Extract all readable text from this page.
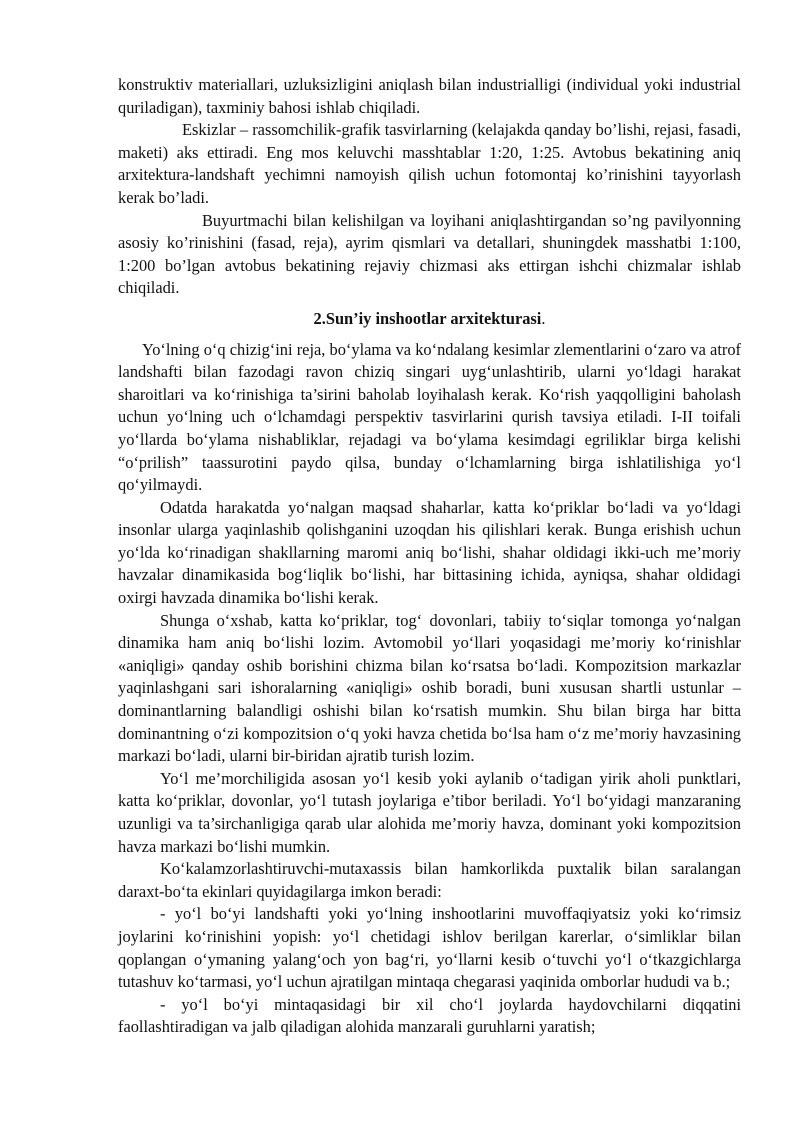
konstruktiv materiallari, uzluksizligini aniqlash bilan industrialligi (individual yoki industrial quriladigan), taxminiy bahosi ishlab chiqiladi.

Eskizlar – rassomchilik-grafik tasvirlarning (kelajakda qanday bo’lishi, rejasi, fasadi, maketi) aks ettiradi. Eng mos keluvchi masshtablar 1:20, 1:25. Avtobus bekatining aniq arxitektura-landshaft yechimni namoyish qilish uchun fotomontaj ko’rinishini tayyorlash kerak bo’ladi.

Buyurtmachi bilan kelishilgan va loyihani aniqlashtirgandan so’ng pavilyonning asosiy ko’rinishini (fasad, reja), ayrim qismlari va detallari, shuningdek masshatbi 1:100, 1:200 bo’lgan avtobus bekatining rejaviy chizmasi aks ettirgan ishchi chizmalar ishlab chiqiladi.

2.Sun’iy inshootlar arxitekturasi.

Yo‘lning o‘q chizig‘ini reja, bo‘ylama va ko‘ndalang kesimlar zlementlarini o‘zaro va atrof landshafti bilan fazodagi ravon chiziq singari uyg‘unlashtirib, ularni yo‘ldagi harakat sharoitlari va ko‘rinishiga ta’sirini baholab loyihalash kerak. Ko‘rish yaqqolligini baholash uchun yo‘lning uch o‘lchamdagi perspektiv tasvirlarini qurish tavsiya etiladi. I-II toifali yo‘llarda bo‘ylama nishabliklar, rejadagi va bo‘ylama kesimdagi egriliklar birga kelishi “o‘prilish” taassurotini paydo qilsa, bunday o‘lchamlarning birga ishlatilishiga yo‘l qo‘yilmaydi.

Odatda harakatda yo‘nalgan maqsad shaharlar, katta ko‘priklar bo‘ladi va yo‘ldagi insonlar ularga yaqinlashib qolishganini uzoqdan his qilishlari kerak. Bunga erishish uchun yo‘lda ko‘rinadigan shakllarning maromi aniq bo‘lishi, shahar oldidagi ikki-uch me’moriy havzalar dinamikasida bog‘liqlik bo‘lishi, har bittasining ichida, ayniqsa, shahar oldidagi oxirgi havzada dinamika bo‘lishi kerak.

Shunga o‘xshab, katta ko‘priklar, tog‘ dovonlari, tabiiy to‘siqlar tomonga yo‘nalgan dinamika ham aniq bo‘lishi lozim. Avtomobil yo‘llari yoqasidagi me’moriy ko‘rinishlar «aniqligi» qanday oshib borishini chizma bilan ko‘rsatsa bo‘ladi. Kompozitsion markazlar yaqinlashgani sari ishoralarning «aniqligi» oshib boradi, buni xususan shartli ustunlar – dominantlarning balandligi oshishi bilan ko‘rsatish mumkin. Shu bilan birga har bitta dominantning o‘zi kompozitsion o‘q yoki havza chetida bo‘lsa ham o‘z me’moriy havzasining markazi bo‘ladi, ularni bir-biridan ajratib turish lozim.

Yo‘l me’morchiligida asosan yo‘l kesib yoki aylanib o‘tadigan yirik aholi punktlari, katta ko‘priklar, dovonlar, yo‘l tutash joylariga e’tibor beriladi. Yo‘l bo‘yidagi manzaraning uzunligi va ta’sirchanligiga qarab ular alohida me’moriy havza, dominant yoki kompozitsion havza markazi bo‘lishi mumkin.

Ko‘kalamzorlashtiruvchi-mutaxassis bilan hamkorlikda puxtalik bilan saralangan daraxt-bo‘ta ekinlari quyidagilarga imkon beradi:

- yo‘l bo‘yi landshafti yoki yo‘lning inshootlarini muvoffaqiyatsiz yoki ko‘rimsiz joylarini ko‘rinishini yopish: yo‘l chetidagi ishlov berilgan karerlar, o‘simliklar bilan qoplangan o‘ymaning yalang‘och yon bag‘ri, yo‘llarni kesib o‘tuvchi yo‘l o‘tkazgichlarga tutashuv ko‘tarmasi, yo‘l uchun ajratilgan mintaqa chegarasi yaqinida omborlar hududi va b.;

- yo‘l bo‘yi mintaqasidagi bir xil cho‘l joylarda haydovchilarni diqqatini faollashtiradigan va jalb qiladigan alohida manzarali guruhlarni yaratish;
